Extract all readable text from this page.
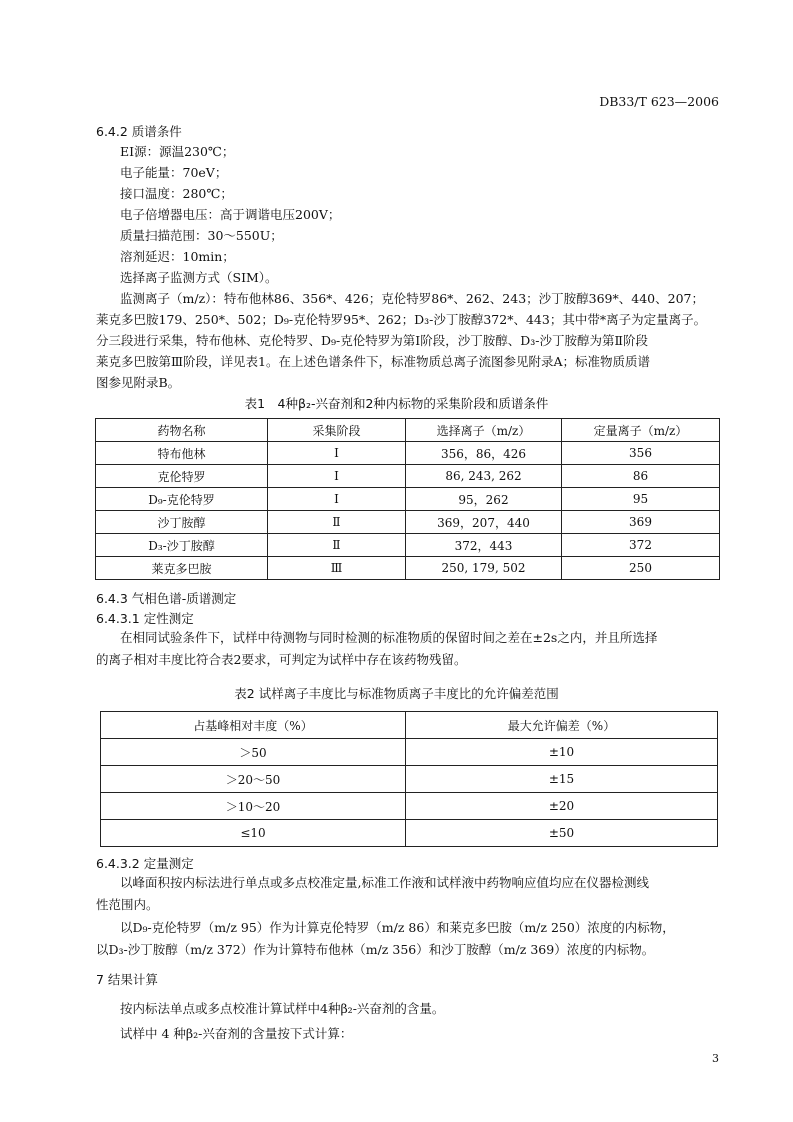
DB33/T 623—2006
6.4.2 质谱条件
EI源：源温230℃；
电子能量：70eV；
接口温度：280℃；
电子倍增器电压：高于调谐电压200V；
质量扫描范围：30～550U；
溶剂延迟：10min；
选择离子监测方式（SIM）。
监测离子（m/z）：特布他林86、356*、426；克伦特罗86*、262、243；沙丁胺醇369*、440、207；
莱克多巴胺179、250*、502；D₉-克伦特罗95*、262；D₃-沙丁胺醇372*、443；其中带*离子为定量离子。
分三段进行采集，特布他林、克伦特罗、D₉-克伦特罗为第Ⅰ阶段，沙丁胺醇、D₃-沙丁胺醇为第Ⅱ阶段
莱克多巴胺第Ⅲ阶段，详见表1。在上述色谱条件下，标准物质总离子流图参见附录A；标准物质质谱
图参见附录B。
表1　4种β₂-兴奋剂和2种内标物的采集阶段和质谱条件
药物名称	采集阶段	选择离子（m/z）	定量离子（m/z）
特布他林	Ⅰ	356，86，426	356
克伦特罗	Ⅰ	86, 243, 262	86
D₉-克伦特罗	Ⅰ	95，262	95
沙丁胺醇	Ⅱ	369，207，440	369
D₃-沙丁胺醇	Ⅱ	372，443	372
莱克多巴胺	Ⅲ	250, 179, 502	250
6.4.3 气相色谱-质谱测定
6.4.3.1 定性测定
在相同试验条件下，试样中待测物与同时检测的标准物质的保留时间之差在±2s之内，并且所选择
的离子相对丰度比符合表2要求，可判定为试样中存在该药物残留。
表2 试样离子丰度比与标准物质离子丰度比的允许偏差范围
占基峰相对丰度（%）	最大允许偏差（%）
＞50	±10
＞20～50	±15
＞10～20	±20
≤10	±50
6.4.3.2 定量测定
以峰面积按内标法进行单点或多点校准定量,标准工作液和试样液中药物响应值均应在仪器检测线
性范围内。
以D₉-克伦特罗（m/z 95）作为计算克伦特罗（m/z 86）和莱克多巴胺（m/z 250）浓度的内标物，
以D₃-沙丁胺醇（m/z 372）作为计算特布他林（m/z 356）和沙丁胺醇（m/z 369）浓度的内标物。
7 结果计算
按内标法单点或多点校准计算试样中4种β₂-兴奋剂的含量。
试样中 4 种β₂-兴奋剂的含量按下式计算：
3
